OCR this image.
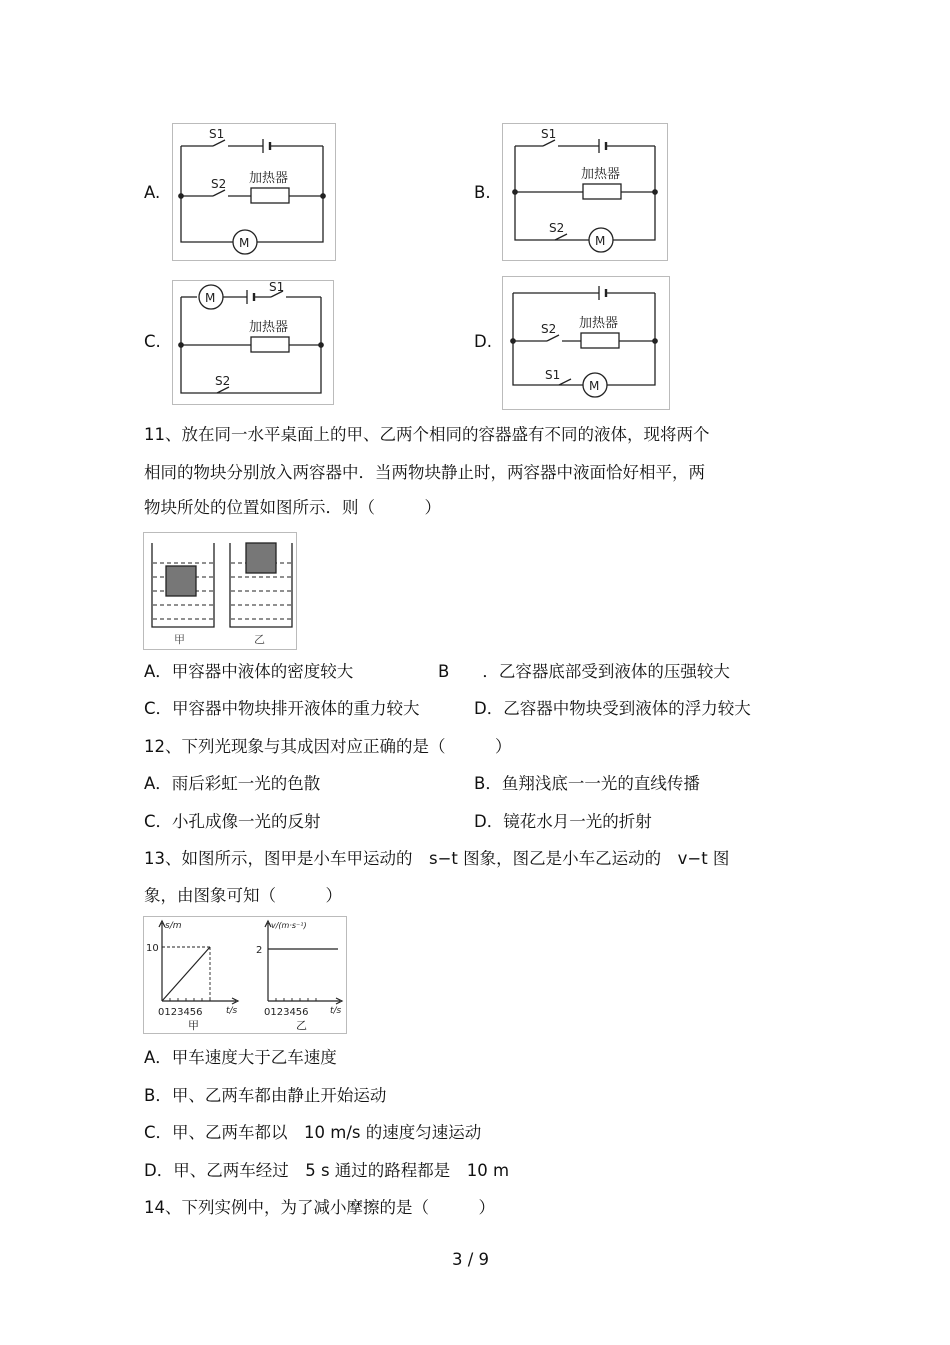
A.
S1
S2 加热器
M
B.
S1
S2
加热器
M
C.
M
S1
加热器
S2
D.
S2 加热器
S1
M
11、放在同一水平桌面上的甲、乙两个相同的容器盛有不同的液体，现将两个
相同的物块分别放入两容器中．当两物块静止时，两容器中液面恰好相平，两
物块所处的位置如图所示．则（　　　）
甲	乙
A．甲容器中液体的密度较大	B　　．乙容器底部受到液体的压强较大
C．甲容器中物块排开液体的重力较大	D．乙容器中物块受到液体的浮力较大
12、下列光现象与其成因对应正确的是（　　　）
A．雨后彩虹一光的色散	B．鱼翔浅底一一光的直线传播
C．小孔成像一光的反射	D．镜花水月一光的折射
13、如图所示，图甲是小车甲运动的　s−t 图象，图乙是小车乙运动的　v−t 图
象，由图象可知（　　　）
s/m
10
0123456	t/s
甲
v/(m·s⁻¹)
2
0123456 t/s
乙
A．甲车速度大于乙车速度
B．甲、乙两车都由静止开始运动
C．甲、乙两车都以　10 m/s 的速度匀速运动
D．甲、乙两车经过　5 s 通过的路程都是　10 m
14、下列实例中，为了减小摩擦的是（　　　）
3 / 9
